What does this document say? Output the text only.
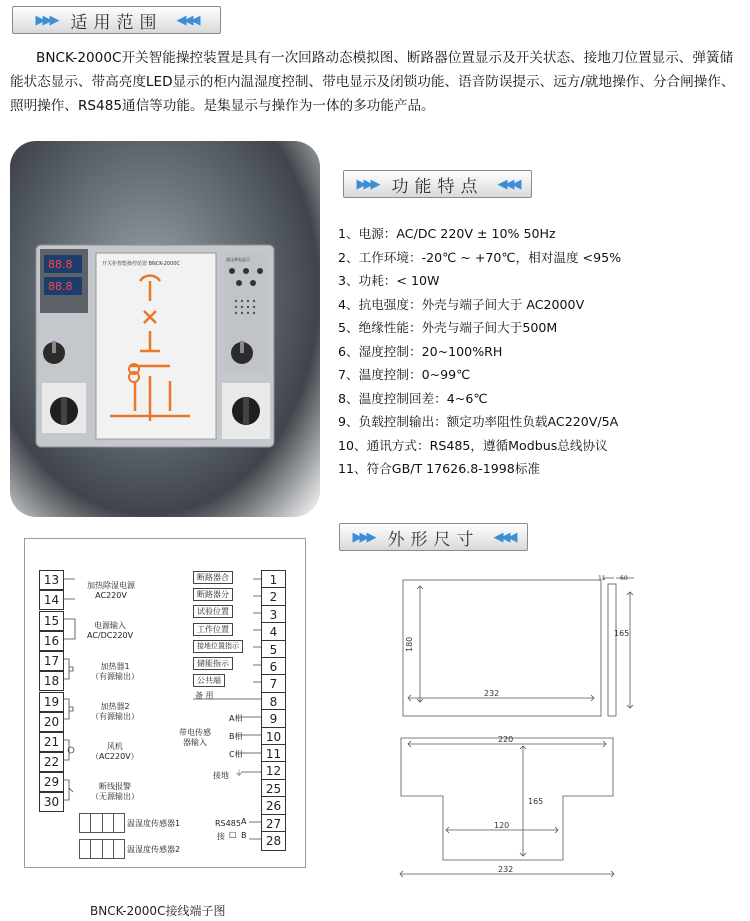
▶▶▶ 适用范围 ◀◀◀
BNCK-2000C开关智能操控装置是具有一次回路动态模拟图、断路器位置显示及开关状态、接地刀位置显示、弹簧储能状态显示、带高亮度LED显示的柜内温湿度控制、带电显示及闭锁功能、语音防误提示、远方/就地操作、分合闸操作、照明操作、RS485通信等功能。是集显示与操作为一体的多功能产品。
88.8
88.8
开关柜智能操控装置 BNCK-2000C
高压带电显示
▶▶▶ 功能特点 ◀◀◀
1、电源：AC/DC 220V ± 10% 50Hz
2、工作环境：-20℃ ~ +70℃，相对温度 <95%
3、功耗：< 10W
4、抗电强度：外壳与端子间大于 AC2000V
5、绝缘性能：外壳与端子间大于500M
6、湿度控制：20~100%RH
7、温度控制：0~99℃
8、温度控制回差：4~6℃
9、负载控制输出：额定功率阻性负载AC220V/5A
10、通讯方式：RS485，遵循Modbus总线协议
11、符合GB/T 17626.8-1998标准
▶▶▶ 外形尺寸 ◀◀◀
13
14
15
16
17
18
19
20
21
22
29
30
1
2
3
4
5
6
7
8
9
10
11
12
25
26
27
28
加热除湿电源
AC220V
电源输入
AC/DC220V
加热器1
（有源输出）
加热器2
（有源输出）
风机
（AC220V）
断线报警
（无源输出）
断路器合
断路器分
试验位置
工作位置
接地位置指示
储能指示
公共端
备 用
带电传感
器输入
A相
B相
C相
接地 ⏚
RS485
接 □
A
B
温湿度传感器1
温湿度传感器2
BNCK-2000C接线端子图
232
180
11 60
165
220
165
120
232
